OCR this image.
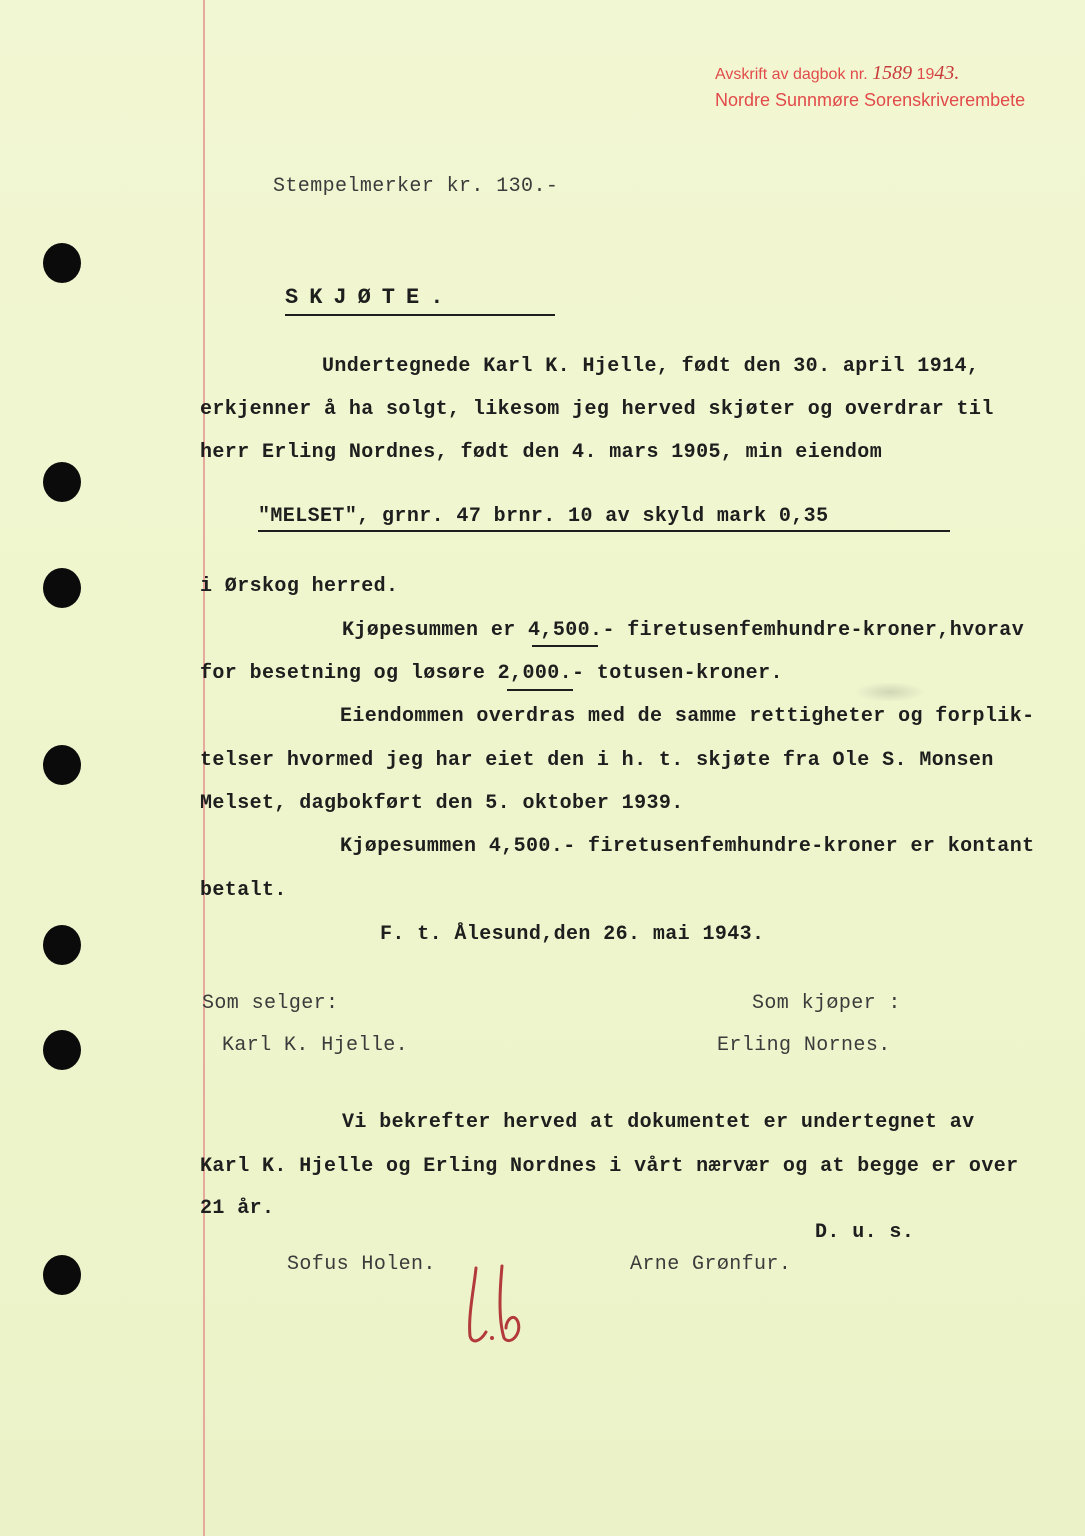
Avskrift av dagbok nr. 1589 1943.
Nordre Sunnmøre Sorenskriverembete
Stempelmerker kr. 130.-
SKJØTE.
Undertegnede Karl K. Hjelle, født den 30. april 1914,
erkjenner å ha solgt, likesom jeg herved skjøter og overdrar til
herr Erling Nordnes, født den 4. mars 1905, min eiendom
"MELSET", grnr. 47 brnr. 10 av skyld mark 0,35
i Ørskog herred.
Kjøpesummen er 4,500.- firetusenfemhundre-kroner,hvorav
for besetning og løsøre 2,000.- totusen-kroner.
Eiendommen overdras med de samme rettigheter og forplik-
telser hvormed jeg har eiet den i h. t. skjøte fra Ole S. Monsen
Melset, dagbokført den 5. oktober 1939.
Kjøpesummen 4,500.- firetusenfemhundre-kroner er kontant
betalt.
F. t. Ålesund,den 26. mai 1943.
Som selger:	Som kjøper :
Karl K. Hjelle.	Erling Nornes.
Vi bekrefter herved at dokumentet er undertegnet av
Karl K. Hjelle og Erling Nordnes i vårt nærvær og at begge er over
21 år.
D. u. s.
Sofus Holen.	Arne Grønfur.
